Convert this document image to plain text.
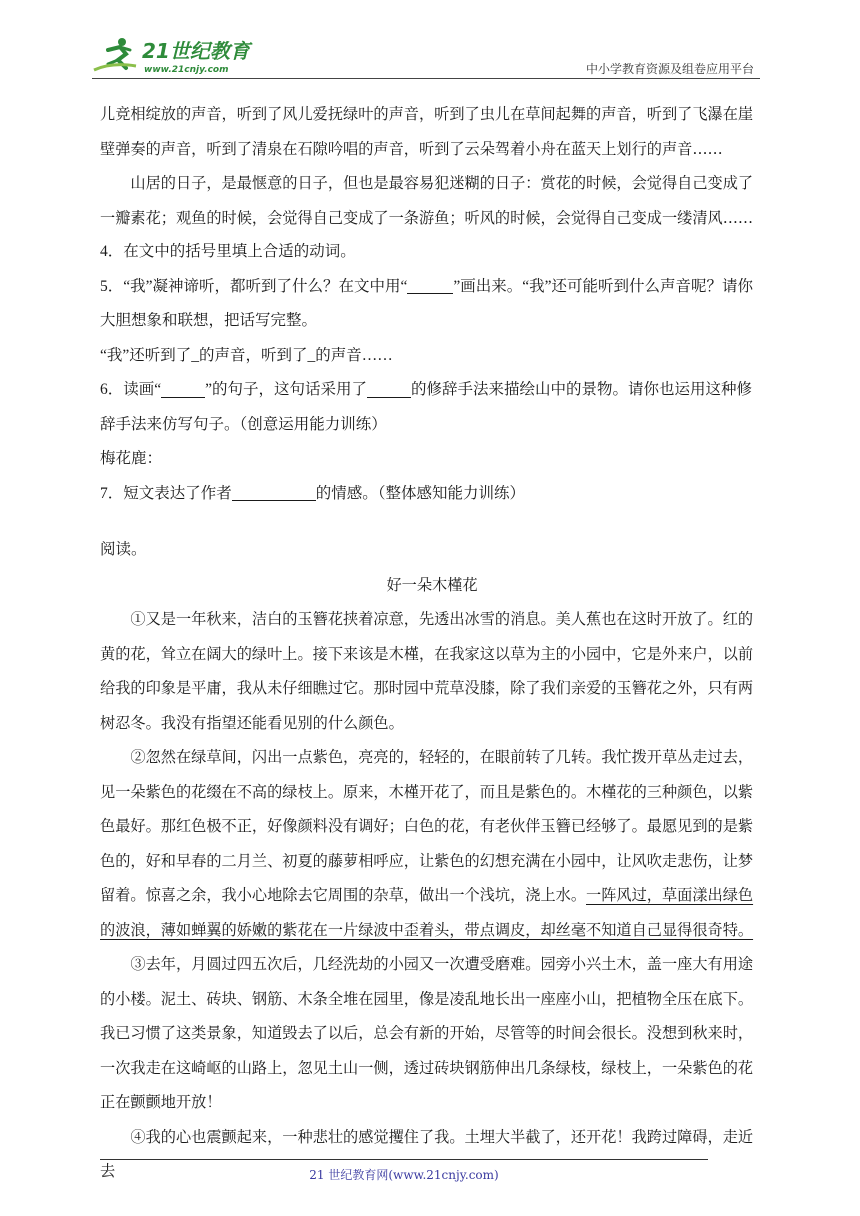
21世纪教育
www.21cnjy.com	中小学教育资源及组卷应用平台

儿竞相绽放的声音，听到了风儿爱抚绿叶的声音，听到了虫儿在草间起舞的声音，听到了飞瀑在崖壁弹奏的声音，听到了清泉在石隙吟唱的声音，听到了云朵驾着小舟在蓝天上划行的声音……

山居的日子，是最惬意的日子，但也是最容易犯迷糊的日子：赏花的时候，会觉得自己变成了一瓣素花；观鱼的时候，会觉得自己变成了一条游鱼；听风的时候，会觉得自己变成一缕清风……

4．在文中的括号里填上合适的动词。

5．“我”凝神谛听，都听到了什么？在文中用“	”画出来。“我”还可能听到什么声音呢？请你大胆想象和联想，把话写完整。

“我”还听到了_的声音，听到了_的声音……

6．读画“	”的句子，这句话采用了	的修辞手法来描绘山中的景物。请你也运用这种修辞手法来仿写句子。（创意运用能力训练）

梅花鹿：

7．短文表达了作者	的情感。（整体感知能力训练）

阅读。

好一朵木槿花

①又是一年秋来，洁白的玉簪花挟着凉意，先透出冰雪的消息。美人蕉也在这时开放了。红的黄的花，耸立在阔大的绿叶上。接下来该是木槿，在我家这以草为主的小园中，它是外来户，以前给我的印象是平庸，我从未仔细瞧过它。那时园中荒草没膝，除了我们亲爱的玉簪花之外，只有两树忍冬。我没有指望还能看见别的什么颜色。

②忽然在绿草间，闪出一点紫色，亮亮的，轻轻的，在眼前转了几转。我忙拨开草丛走过去，见一朵紫色的花缀在不高的绿枝上。原来，木槿开花了，而且是紫色的。木槿花的三种颜色，以紫色最好。那红色极不正，好像颜料没有调好；白色的花，有老伙伴玉簪已经够了。最愿见到的是紫色的，好和早春的二月兰、初夏的藤萝相呼应，让紫色的幻想充满在小园中，让风吹走悲伤，让梦留着。惊喜之余，我小心地除去它周围的杂草，做出一个浅坑，浇上水。一阵风过，草面漾出绿色的波浪，薄如蝉翼的娇嫩的紫花在一片绿波中歪着头，带点调皮，却丝毫不知道自己显得很奇特。

③去年，月圆过四五次后，几经洗劫的小园又一次遭受磨难。园旁小兴土木，盖一座大有用途的小楼。泥土、砖块、钢筋、木条全堆在园里，像是凌乱地长出一座座小山，把植物全压在底下。我已习惯了这类景象，知道毁去了以后，总会有新的开始，尽管等的时间会很长。没想到秋来时，一次我走在这崎岖的山路上，忽见土山一侧，透过砖块钢筋伸出几条绿枝，绿枝上，一朵紫色的花正在颤颤地开放！

④我的心也震颤起来，一种悲壮的感觉攫住了我。土埋大半截了，还开花！我跨过障碍，走近去	21 世纪教育网(www.21cnjy.com)
